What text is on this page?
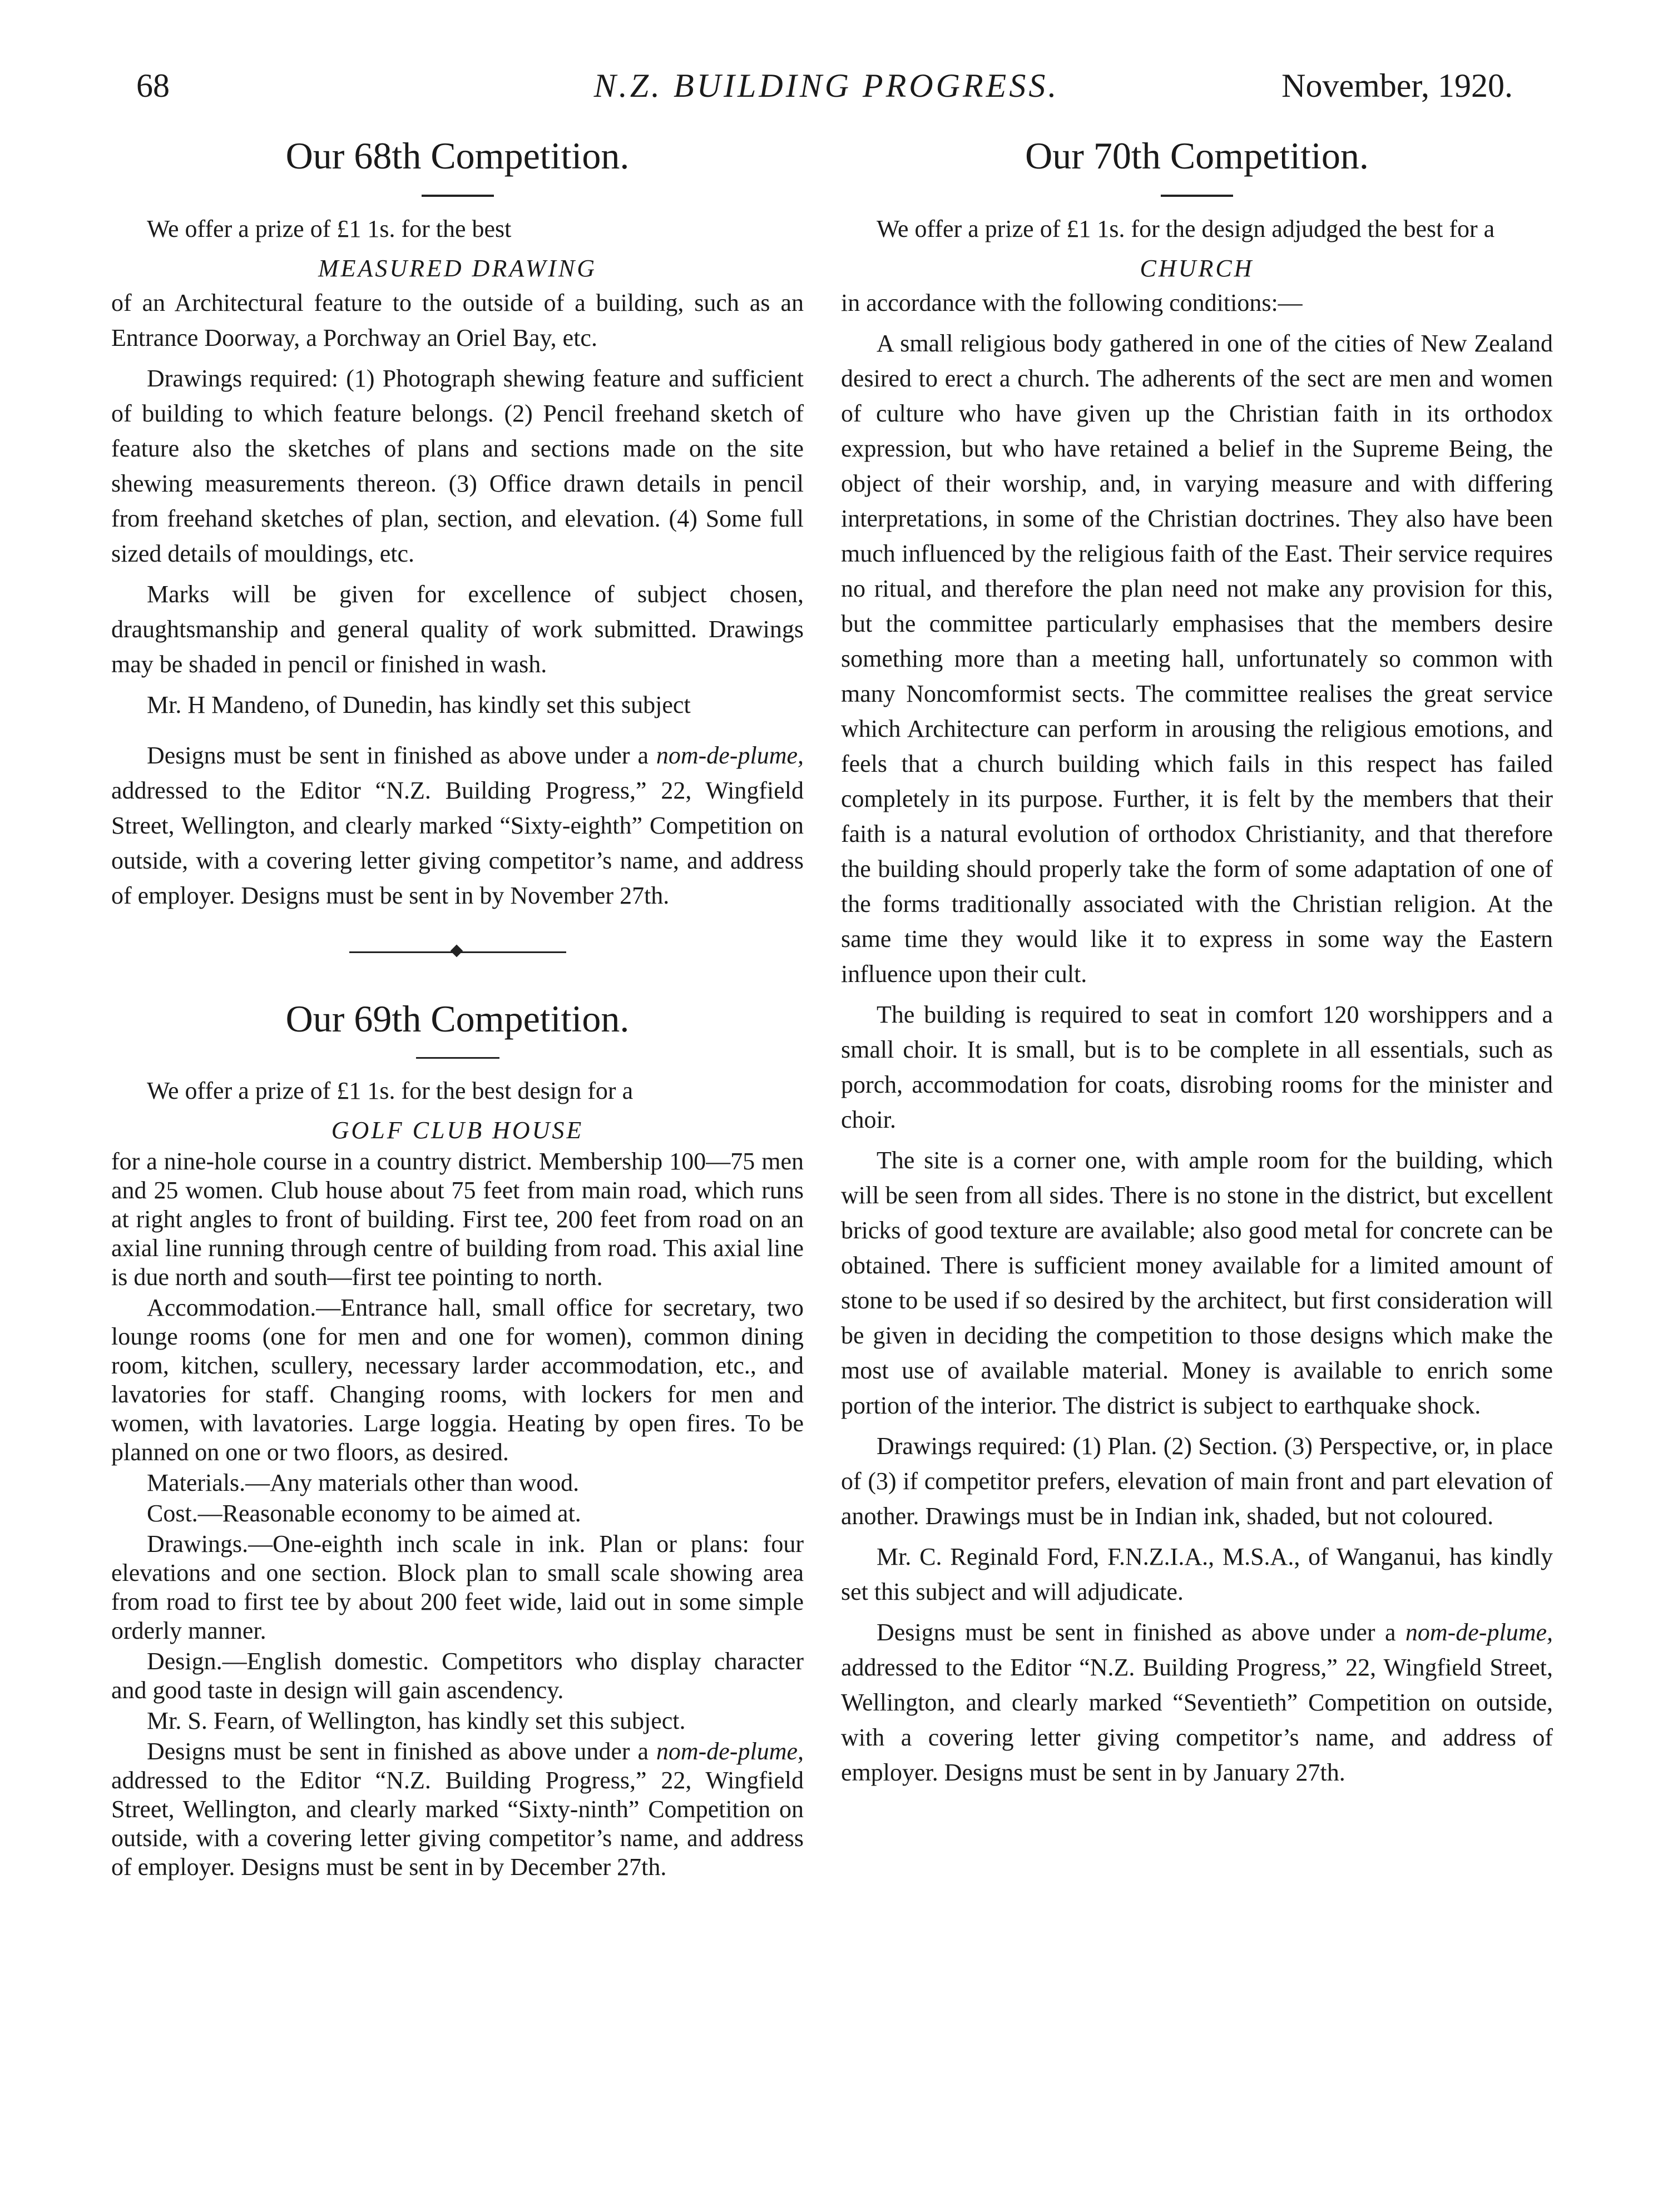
68	N.Z. BUILDING PROGRESS.	November, 1920.
Our 68th Competition.

We offer a prize of £1 1s. for the best

MEASURED DRAWING

of an Architectural feature to the outside of a building, such as an Entrance Doorway, a Porchway an Oriel Bay, etc.

Drawings required: (1) Photograph shewing feature and sufficient of building to which feature belongs. (2) Pencil freehand sketch of feature also the sketches of plans and sections made on the site shewing measurements thereon. (3) Office drawn details in pencil from freehand sketches of plan, section, and elevation. (4) Some full sized details of mouldings, etc.

Marks will be given for excellence of subject chosen, draughtsmanship and general quality of work submitted. Drawings may be shaded in pencil or finished in wash.

Mr. H Mandeno, of Dunedin, has kindly set this subject

Designs must be sent in finished as above under a nom-de-plume, addressed to the Editor “N.Z. Building Progress,” 22, Wingfield Street, Wellington, and clearly marked “Sixty-eighth” Competition on outside, with a covering letter giving competitor’s name, and address of employer. Designs must be sent in by November 27th.

Our 69th Competition.

We offer a prize of £1 1s. for the best design for a

GOLF CLUB HOUSE

for a nine-hole course in a country district. Membership 100—75 men and 25 women. Club house about 75 feet from main road, which runs at right angles to front of building. First tee, 200 feet from road on an axial line running through centre of building from road. This axial line is due north and south—first tee pointing to north.

Accommodation.—Entrance hall, small office for secretary, two lounge rooms (one for men and one for women), common dining room, kitchen, scullery, necessary larder accommodation, etc., and lavatories for staff. Changing rooms, with lockers for men and women, with lavatories. Large loggia. Heating by open fires. To be planned on one or two floors, as desired.

Materials.—Any materials other than wood.

Cost.—Reasonable economy to be aimed at.

Drawings.—One-eighth inch scale in ink. Plan or plans: four elevations and one section. Block plan to small scale showing area from road to first tee by about 200 feet wide, laid out in some simple orderly manner.

Design.—English domestic. Competitors who display character and good taste in design will gain ascendency.

Mr. S. Fearn, of Wellington, has kindly set this subject.

Designs must be sent in finished as above under a nom-de-plume, addressed to the Editor “N.Z. Building Progress,” 22, Wingfield Street, Wellington, and clearly marked “Sixty-ninth” Competition on outside, with a covering letter giving competitor’s name, and address of employer. Designs must be sent in by December 27th.

Our 70th Competition.

We offer a prize of £1 1s. for the design adjudged the best for a

CHURCH

in accordance with the following conditions:—

A small religious body gathered in one of the cities of New Zealand desired to erect a church. The adherents of the sect are men and women of culture who have given up the Christian faith in its orthodox expression, but who have retained a belief in the Supreme Being, the object of their worship, and, in varying measure and with differing interpretations, in some of the Christian doctrines. They also have been much influenced by the religious faith of the East. Their service requires no ritual, and therefore the plan need not make any provision for this, but the committee particularly emphasises that the members desire something more than a meeting hall, unfortunately so common with many Noncomformist sects. The committee realises the great service which Architecture can perform in arousing the religious emotions, and feels that a church building which fails in this respect has failed completely in its purpose. Further, it is felt by the members that their faith is a natural evolution of orthodox Christianity, and that therefore the building should properly take the form of some adaptation of one of the forms traditionally associated with the Christian religion. At the same time they would like it to express in some way the Eastern influence upon their cult.

The building is required to seat in comfort 120 worshippers and a small choir. It is small, but is to be complete in all essentials, such as porch, accommodation for coats, disrobing rooms for the minister and choir.

The site is a corner one, with ample room for the building, which will be seen from all sides. There is no stone in the district, but excellent bricks of good texture are available; also good metal for concrete can be obtained. There is sufficient money available for a limited amount of stone to be used if so desired by the architect, but first consideration will be given in deciding the competition to those designs which make the most use of available material. Money is available to enrich some portion of the interior. The district is subject to earthquake shock.

Drawings required: (1) Plan. (2) Section. (3) Perspective, or, in place of (3) if competitor prefers, elevation of main front and part elevation of another. Drawings must be in Indian ink, shaded, but not coloured.

Mr. C. Reginald Ford, F.N.Z.I.A., M.S.A., of Wanganui, has kindly set this subject and will adjudicate.

Designs must be sent in finished as above under a nom-de-plume, addressed to the Editor “N.Z. Building Progress,” 22, Wingfield Street, Wellington, and clearly marked “Seventieth” Competition on outside, with a covering letter giving competitor’s name, and address of employer. Designs must be sent in by January 27th.
